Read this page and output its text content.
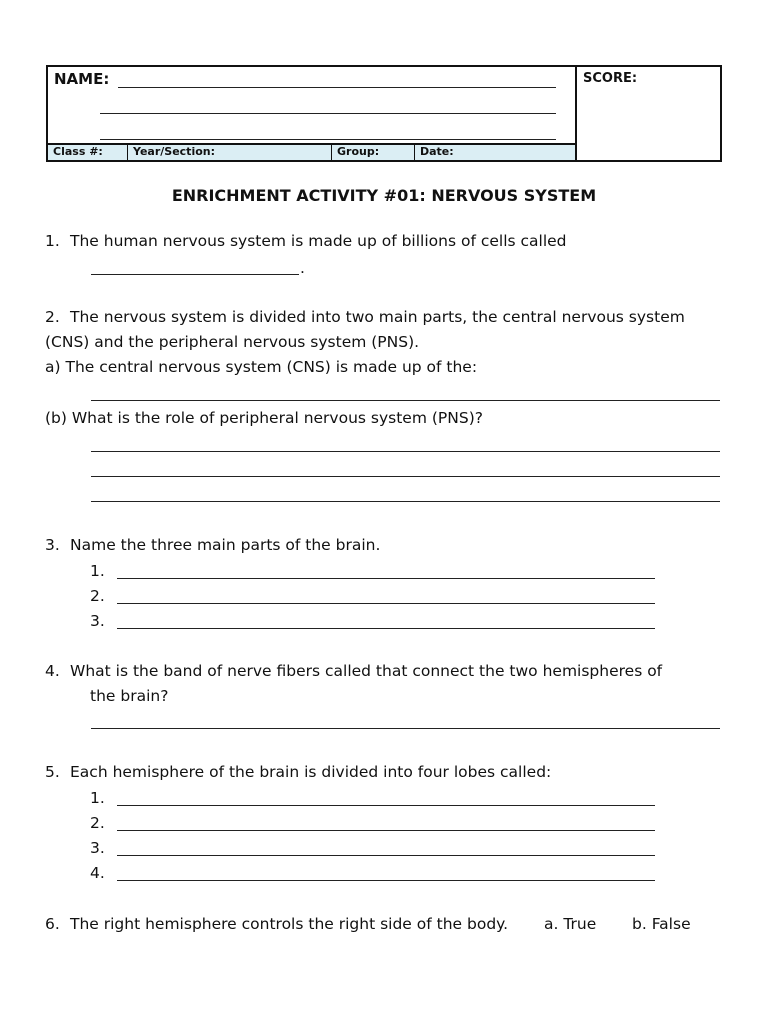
NAME:	SCORE:
Class #:	Year/Section:	Group:	Date:
ENRICHMENT ACTIVITY #01: NERVOUS SYSTEM
1. The human nervous system is made up of billions of cells called
.
2. The nervous system is divided into two main parts, the central nervous system
(CNS) and the peripheral nervous system (PNS).
a) The central nervous system (CNS) is made up of the:
(b) What is the role of peripheral nervous system (PNS)?
3. Name the three main parts of the brain.
1.
2.
3.
4. What is the band of nerve fibers called that connect the two hemispheres of
the brain?
5. Each hemisphere of the brain is divided into four lobes called:
1.
2.
3.
4.
6. The right hemisphere controls the right side of the body. a. True b. False
